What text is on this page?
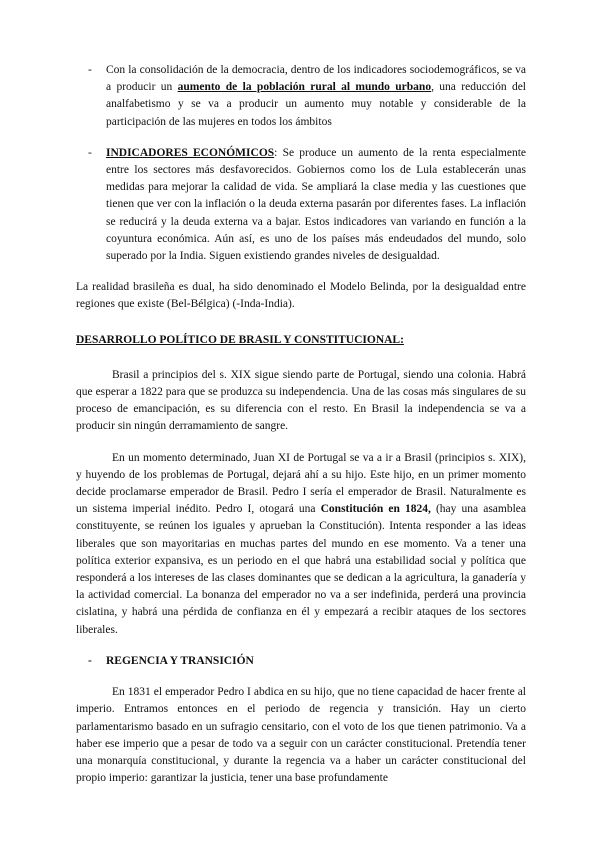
- Con la consolidación de la democracia, dentro de los indicadores sociodemográficos, se va a producir un aumento de la población rural al mundo urbano, una reducción del analfabetismo y se va a producir un aumento muy notable y considerable de la participación de las mujeres en todos los ámbitos

- INDICADORES ECONÓMICOS: Se produce un aumento de la renta especialmente entre los sectores más desfavorecidos. Gobiernos como los de Lula establecerán unas medidas para mejorar la calidad de vida. Se ampliará la clase media y las cuestiones que tienen que ver con la inflación o la deuda externa pasarán por diferentes fases. La inflación se reducirá y la deuda externa va a bajar. Estos indicadores van variando en función a la coyuntura económica. Aún así, es uno de los países más endeudados del mundo, solo superado por la India. Siguen existiendo grandes niveles de desigualdad.

La realidad brasileña es dual, ha sido denominado el Modelo Belinda, por la desigualdad entre regiones que existe (Bel-Bélgica) (-Inda-India).

DESARROLLO POLÍTICO DE BRASIL Y CONSTITUCIONAL:

Brasil a principios del s. XIX sigue siendo parte de Portugal, siendo una colonia. Habrá que esperar a 1822 para que se produzca su independencia. Una de las cosas más singulares de su proceso de emancipación, es su diferencia con el resto. En Brasil la independencia se va a producir sin ningún derramamiento de sangre.

En un momento determinado, Juan XI de Portugal se va a ir a Brasil (principios s. XIX), y huyendo de los problemas de Portugal, dejará ahí a su hijo. Este hijo, en un primer momento decide proclamarse emperador de Brasil. Pedro I sería el emperador de Brasil. Naturalmente es un sistema imperial inédito. Pedro I, otogará una Constitución en 1824, (hay una asamblea constituyente, se reúnen los iguales y aprueban la Constitución). Intenta responder a las ideas liberales que son mayoritarias en muchas partes del mundo en ese momento. Va a tener una política exterior expansiva, es un periodo en el que habrá una estabilidad social y política que responderá a los intereses de las clases dominantes que se dedican a la agricultura, la ganadería y la actividad comercial. La bonanza del emperador no va a ser indefinida, perderá una provincia cislatina, y habrá una pérdida de confianza en él y empezará a recibir ataques de los sectores liberales.

- REGENCIA Y TRANSICIÓN

En 1831 el emperador Pedro I abdica en su hijo, que no tiene capacidad de hacer frente al imperio. Entramos entonces en el periodo de regencia y transición. Hay un cierto parlamentarismo basado en un sufragio censitario, con el voto de los que tienen patrimonio. Va a haber ese imperio que a pesar de todo va a seguir con un carácter constitucional. Pretendía tener una monarquía constitucional, y durante la regencia va a haber un carácter constitucional del propio imperio: garantizar la justicia, tener una base profundamente
